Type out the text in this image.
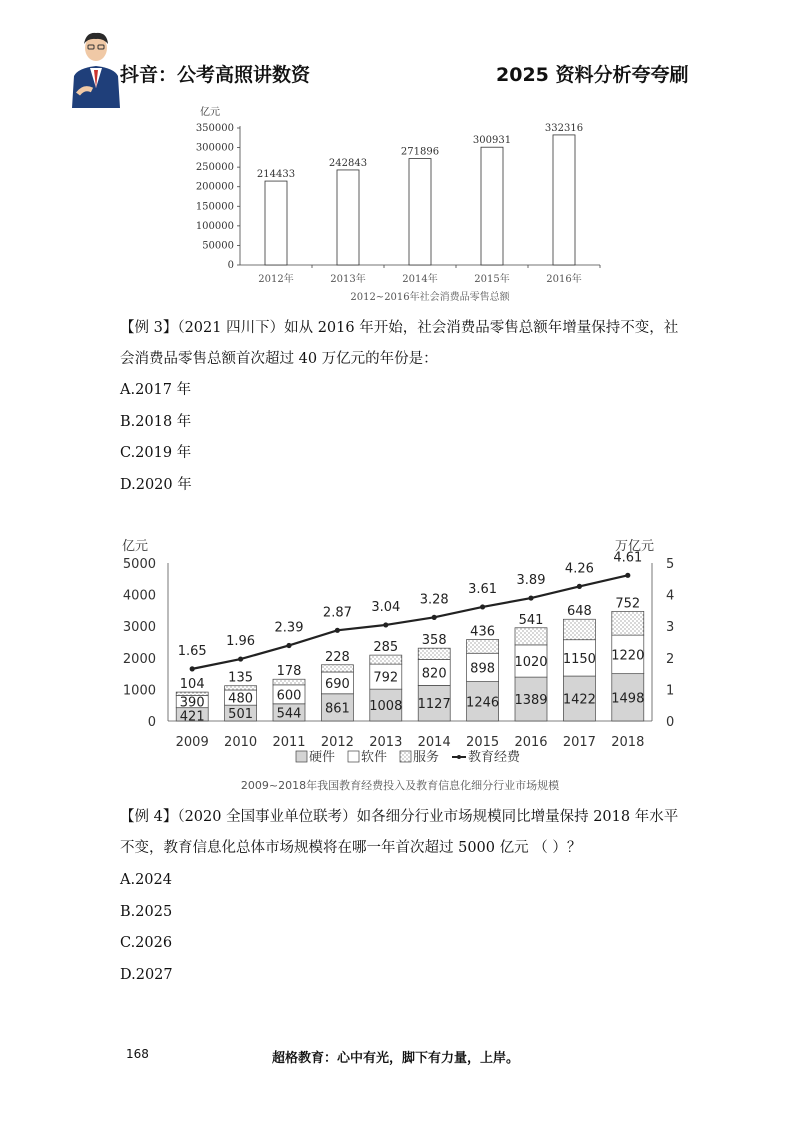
抖音：公考高照讲数资	2025 资料分析夸夸刷
亿元
0
50000
100000
150000
200000
250000
300000
350000
214433
2012年
242843
2013年
271896
2014年
300931
2015年
332316
2016年
2012~2016年社会消费品零售总额
【例 3】（2021 四川下）如从 2016 年开始，社会消费品零售总额年增量保持不变，社会消费品零售总额首次超过 40 万亿元的年份是：
A.2017 年
B.2018 年
C.2019 年
D.2020 年
亿元	万亿元
0
1000
2000
3000
4000
5000
0
1
2
3
4
5
421
390
104
2009
501
480
135
2010
544
600
178
2011
861
690
228
2012
1008
792
285
2013
1127
820
358
2014
1246
898
436
2015
1389
1020
541
2016
1422
1150
648
2017
1498
1220
752
2018
1.65
1.96
2.39
2.87 3.04
3.28
3.61
3.89
4.26
4.61
硬件 软件 服务 教育经费
2009~2018年我国教育经费投入及教育信息化细分行业市场规模
【例 4】（2020 全国事业单位联考）如各细分行业市场规模同比增量保持 2018 年水平不变，教育信息化总体市场规模将在哪一年首次超过 5000 亿元 （ ）？
A.2024
B.2025
C.2026
D.2027
168	超格教育：心中有光，脚下有力量，上岸。
